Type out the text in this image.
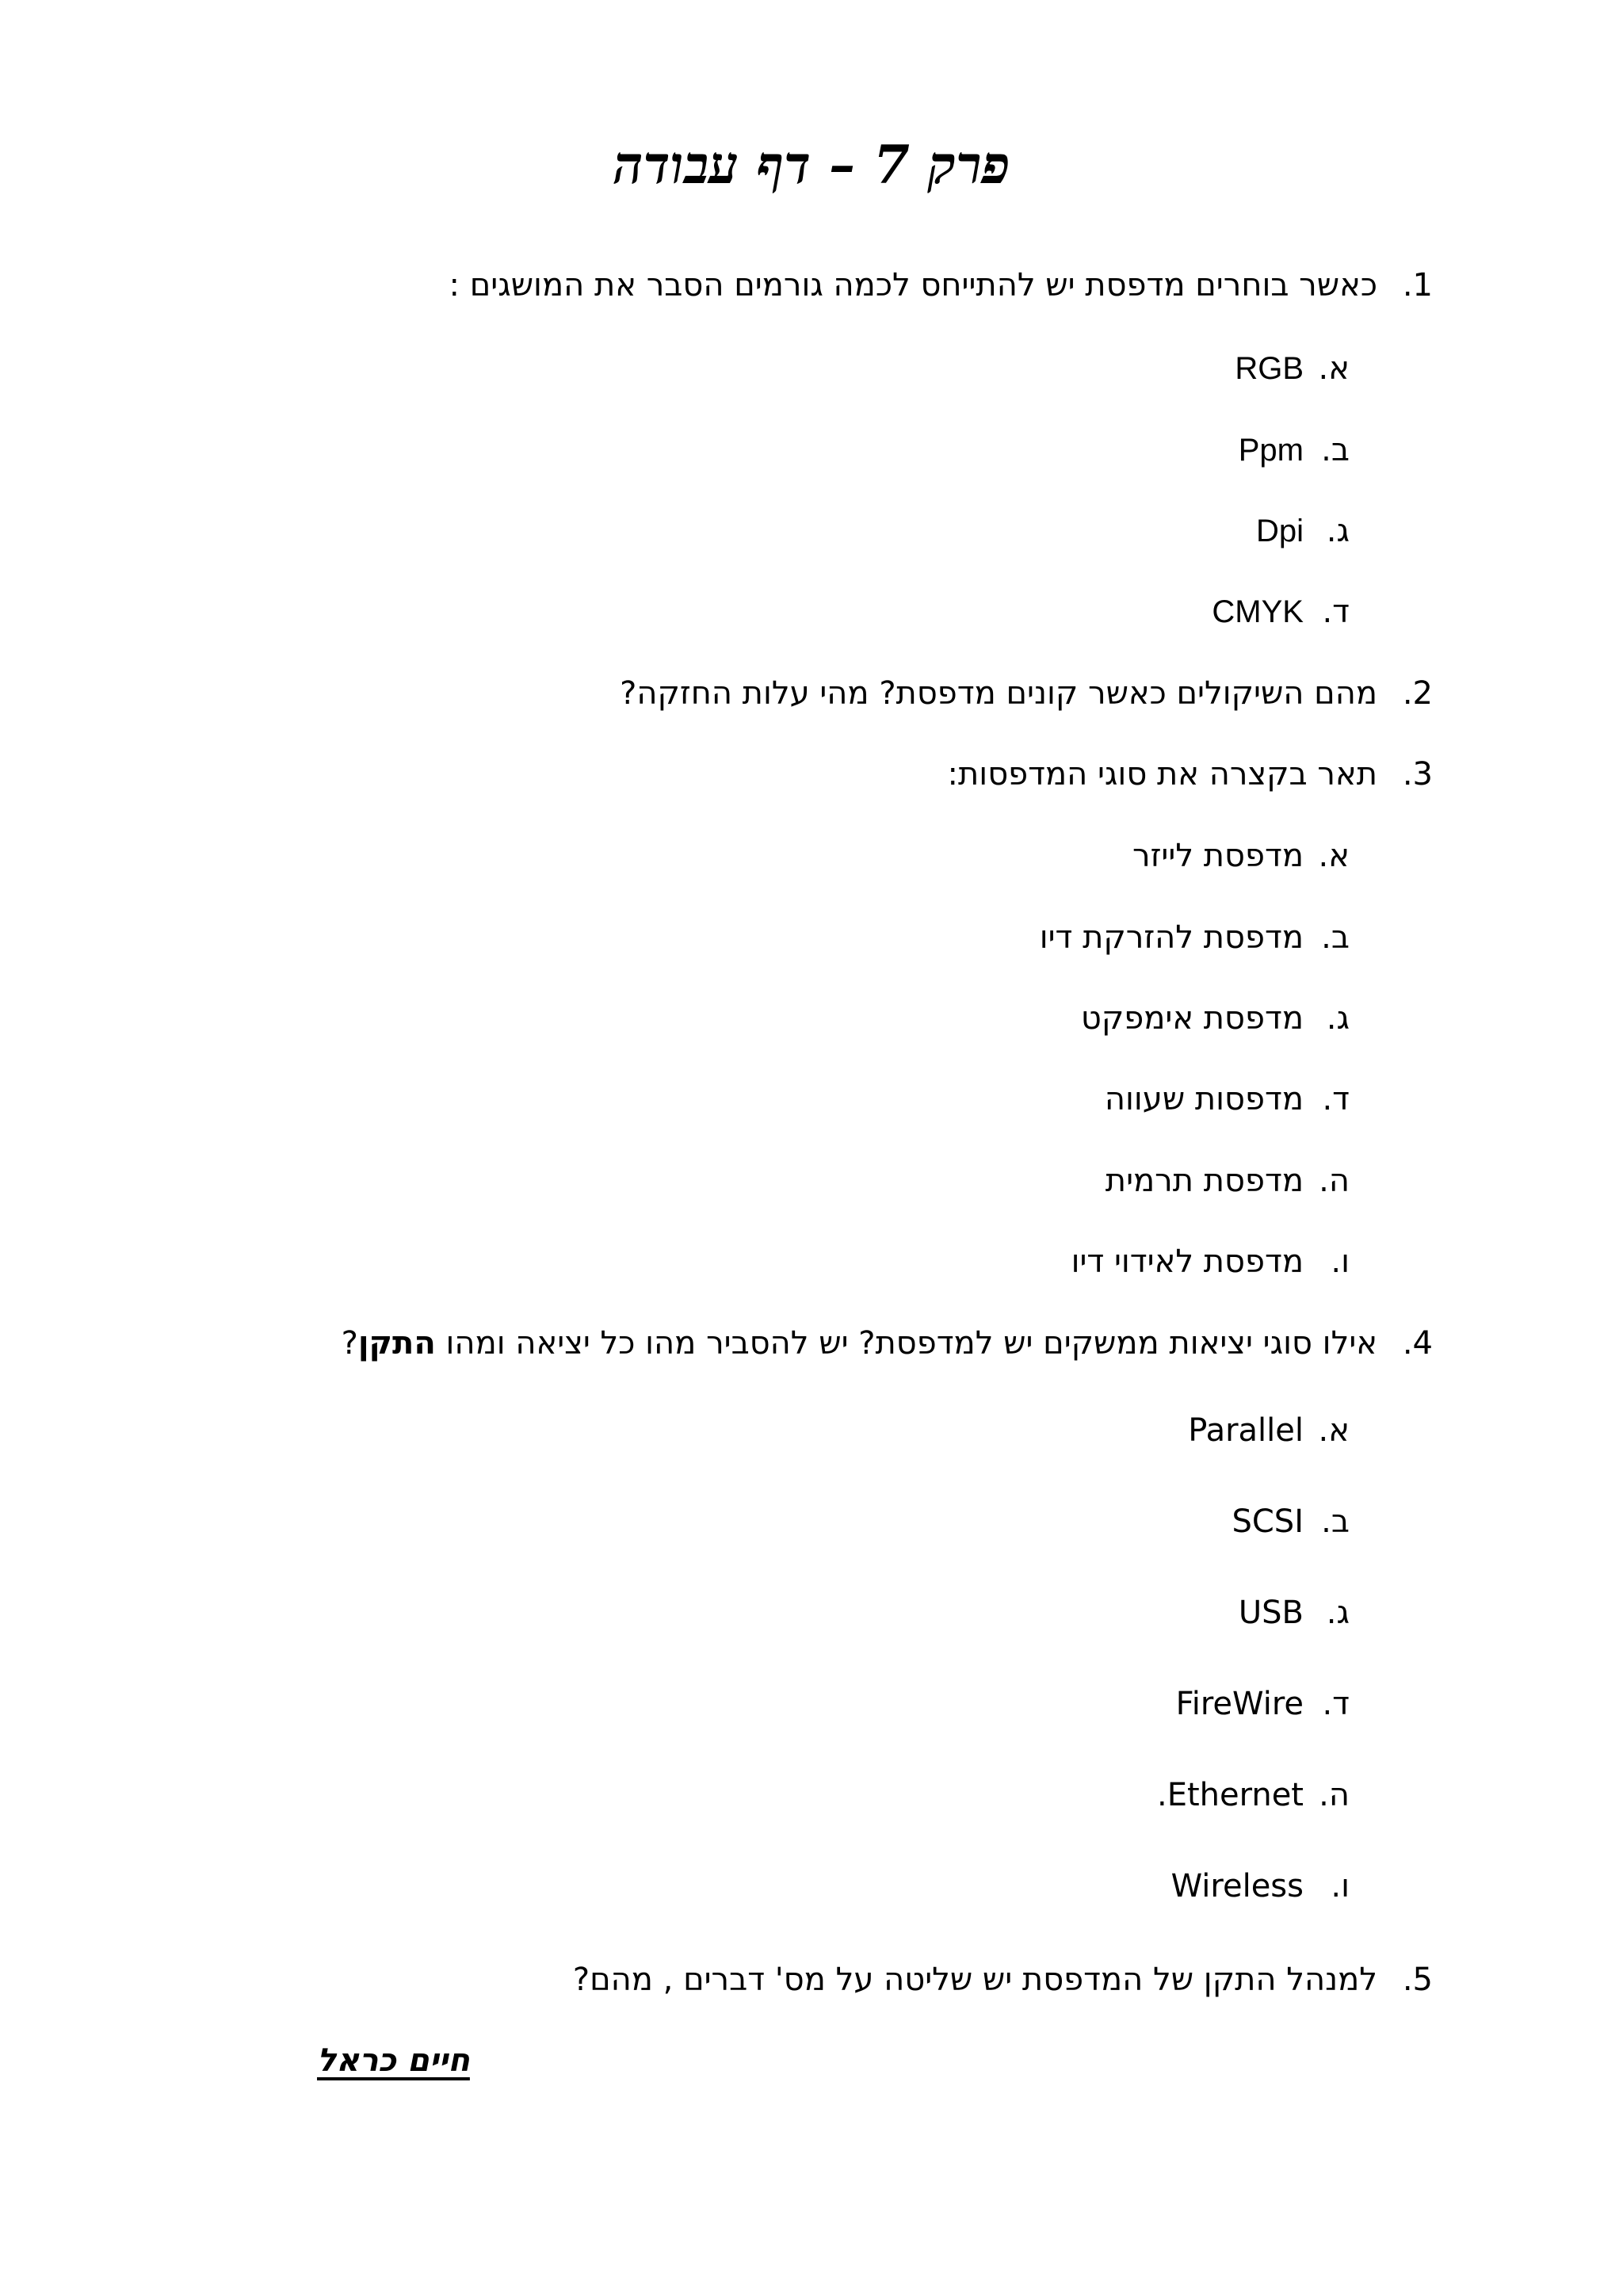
פרק 7 – דף עבודה
1.כאשר בוחרים מדפסת יש להתייחס לכמה גורמים הסבר את המושגים :
א.RGB
ב.Ppm
ג.Dpi
ד.CMYK
2.מהם השיקולים כאשר קונים מדפסת? מהי עלות החזקה?
3.תאר בקצרה את סוגי המדפסות:
א.מדפסת לייזר
ב.מדפסת להזרקת דיו
ג.מדפסת אימפקט
ד.מדפסות שעווה
ה.מדפסת תרמית
ו.מדפסת לאידוי דיו
4.אילו סוגי יציאות ממשקים יש למדפסת? יש להסביר מהו כל יציאה ומהו התקן?
א.Parallel
ב.SCSI
ג.USB
ד.FireWire
ה.Ethernet.
ו.Wireless
5.למנהל התקן של המדפסת יש שליטה על מס' דברים , מהם?
חיים כראל
